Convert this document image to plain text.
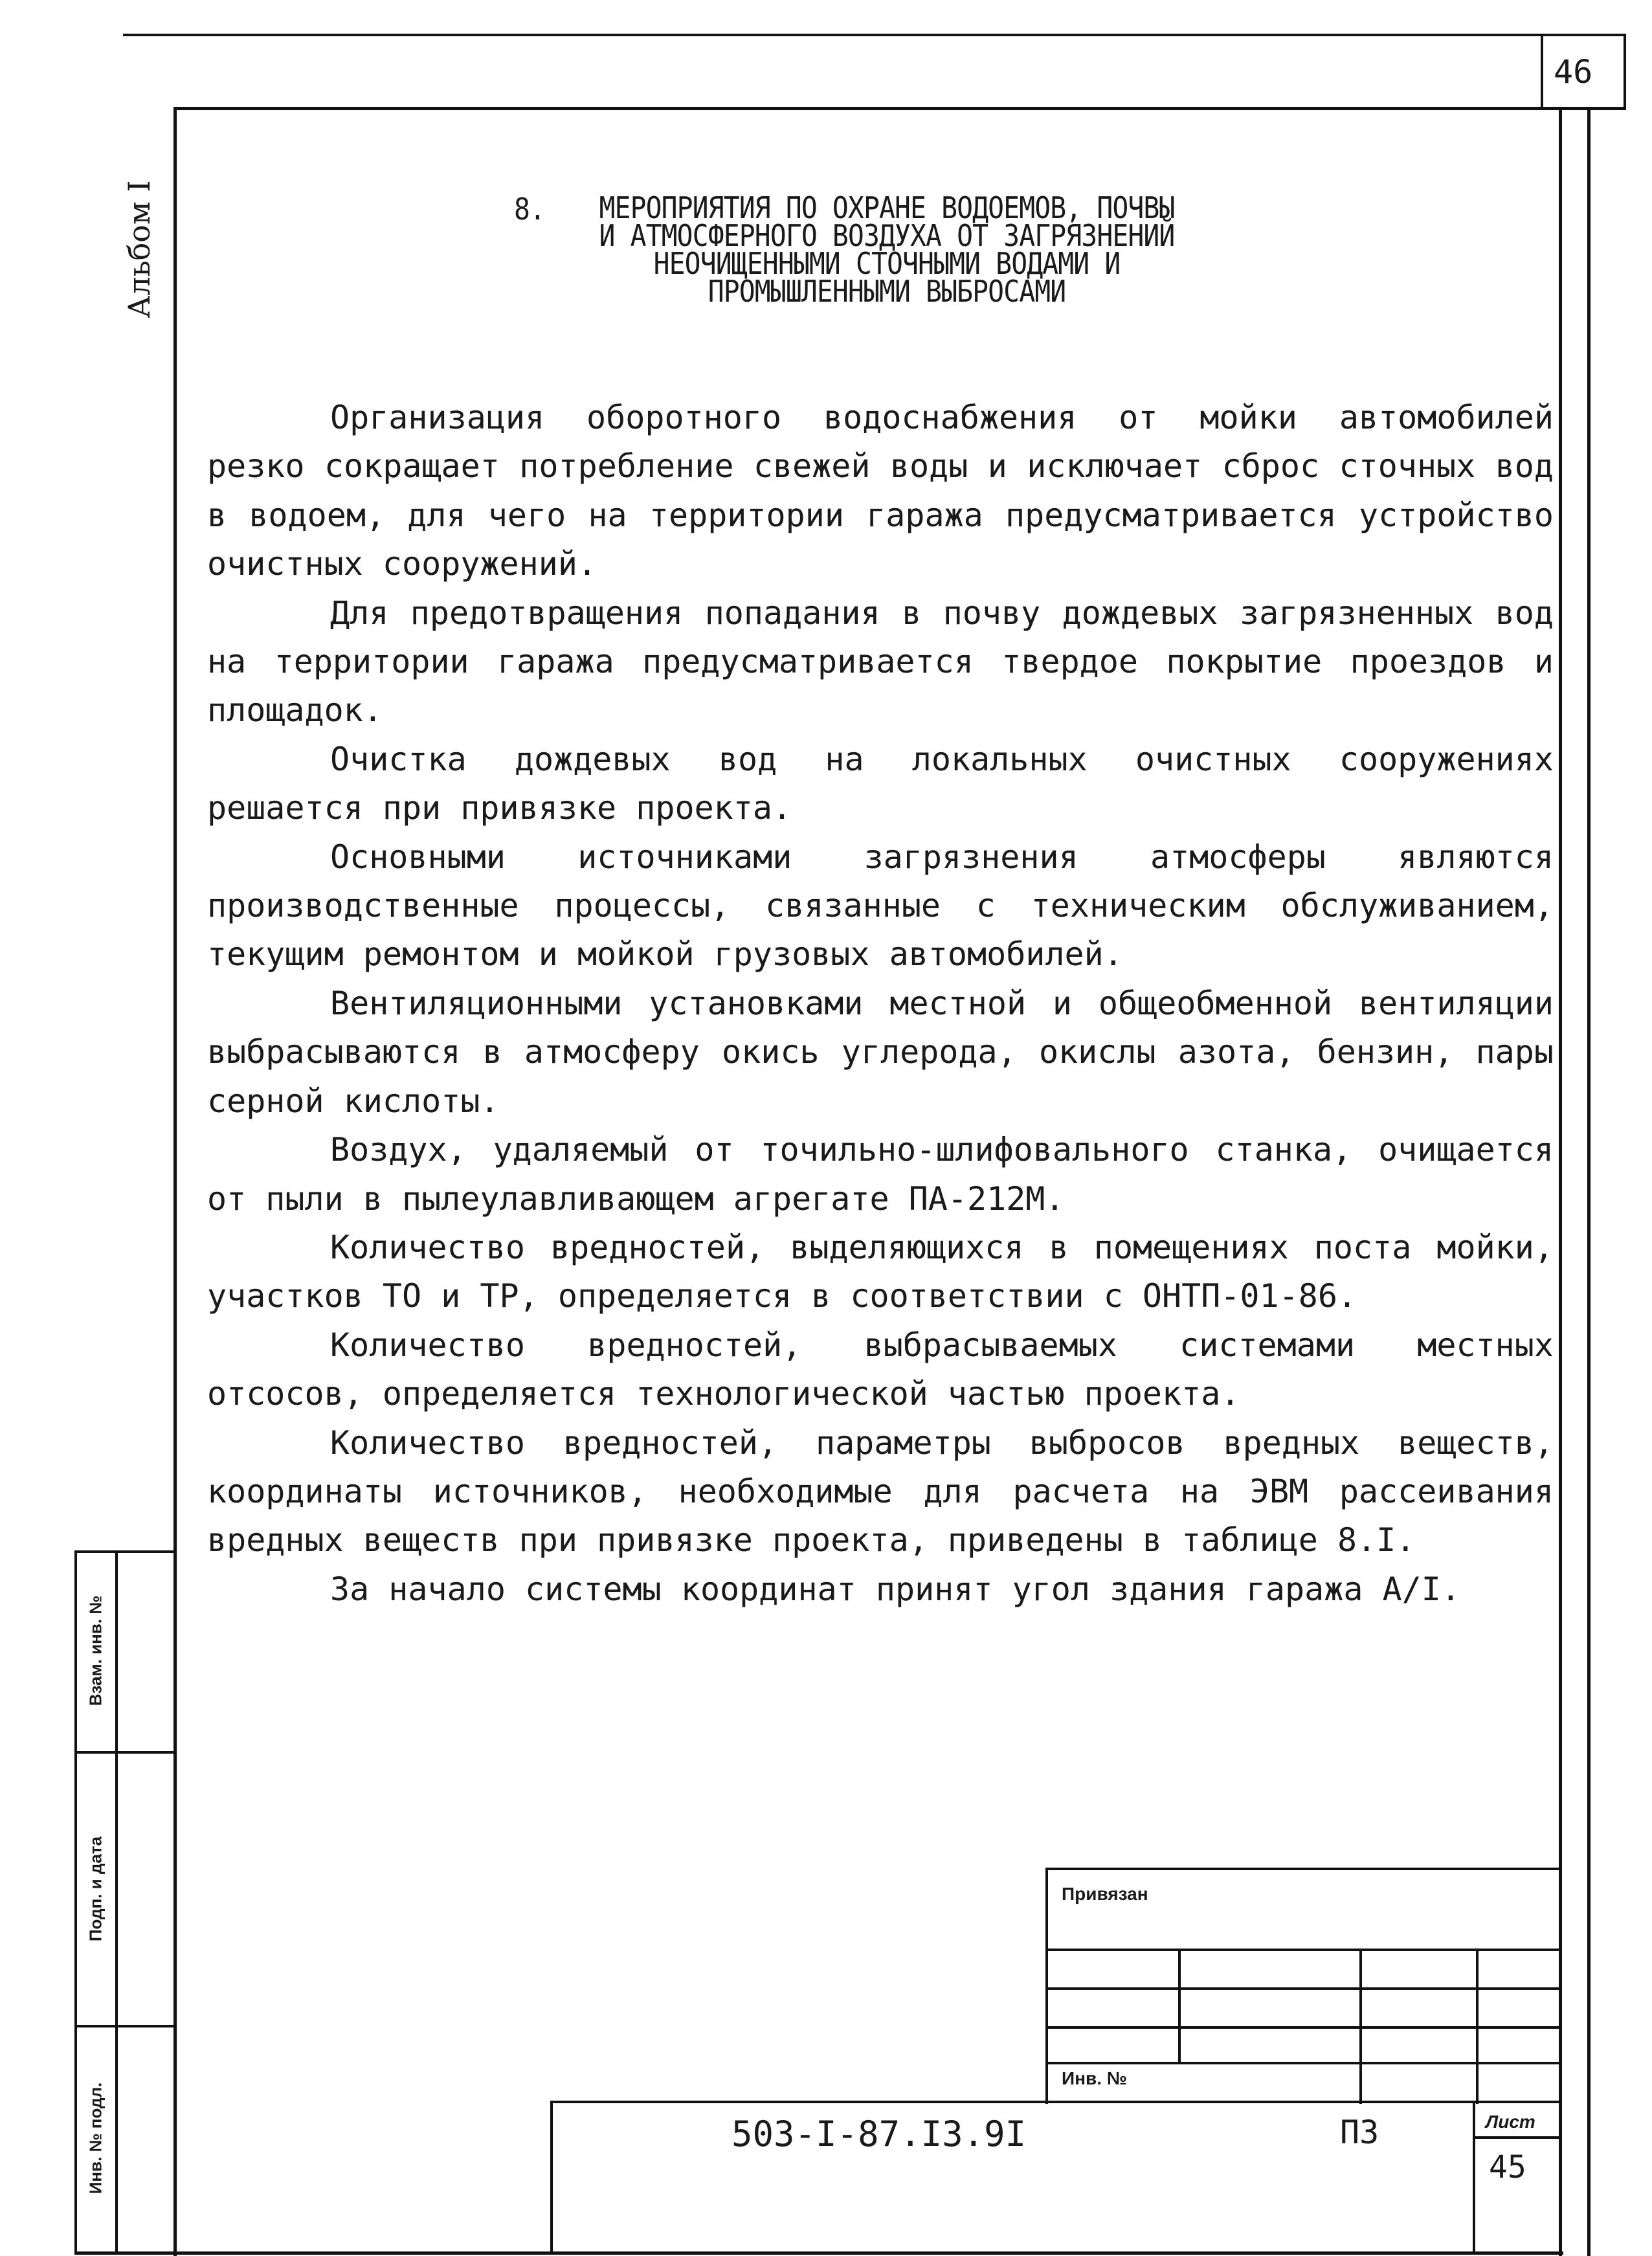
46
Альбом I	8.	МЕРОПРИЯТИЯ ПО ОХРАНЕ ВОДОЕМОВ, ПОЧВЫ
И АТМОСФЕРНОГО ВОЗДУХА ОТ ЗАГРЯЗНЕНИЙ
НЕОЧИЩЕННЫМИ СТОЧНЫМИ ВОДАМИ И
ПРОМЫШЛЕННЫМИ ВЫБРОСАМИ

Организация оборотного водоснабжения от мойки автомобилей резко сокращает потребление свежей воды и исключает сброс сточных вод в водоем, для чего на территории гаража предусматривается устройство очистных сооружений.

Для предотвращения попадания в почву дождевых загрязненных вод на территории гаража предусматривается твердое покрытие проездов и площадок.

Очистка дождевых вод на локальных очистных сооружениях решается при привязке проекта.

Основными источниками загрязнения атмосферы являются производственные процессы, связанные с техническим обслуживанием, текущим ремонтом и мойкой грузовых автомобилей.

Вентиляционными установками местной и общеобменной вентиляции выбрасываются в атмосферу окись углерода, окислы азота, бензин, пары серной кислоты.

Воздух, удаляемый от точильно-шлифовального станка, очищается от пыли в пылеулавливающем агрегате ПА-212М.

Количество вредностей, выделяющихся в помещениях поста мойки, участков ТО и ТР, определяется в соответствии с ОНТП-01-86.

Количество вредностей, выбрасываемых системами местных отсосов, определяется технологической частью проекта.

Количество вредностей, параметры выбросов вредных веществ, координаты источников, необходимые для расчета на ЭВМ рассеивания вредных веществ при привязке проекта, приведены в таблице 8.I.

За начало системы координат принят угол здания гаража А/I.

Взам. инв. №
Подп. и дата
Инв. № подл.
Привязан
Инв. №
503-I-87.I3.9I	ПЗ	Лист
45
